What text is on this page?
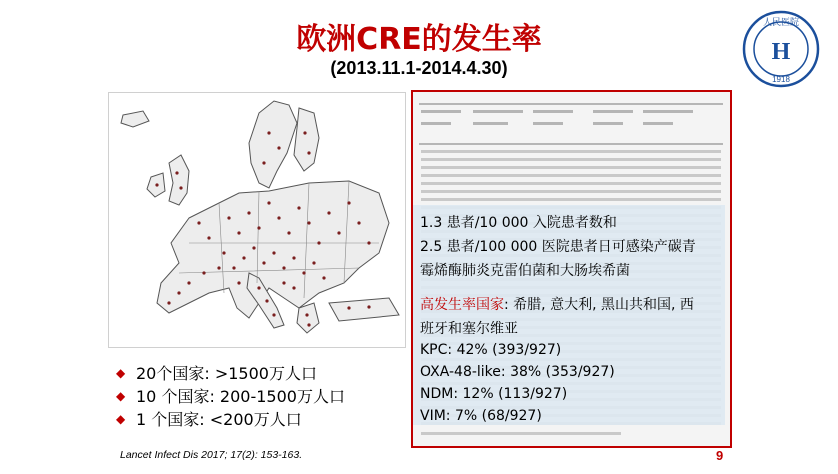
欧洲CRE的发生率
(2013.11.1-2014.4.30)
人民医院
H
1918
1.3 患者/10 000 入院患者数和
2.5 患者/100 000 医院患者日可感染产碳青
霉烯酶肺炎克雷伯菌和大肠埃希菌
高发生率国家: 希腊, 意大利, 黑山共和国, 西
班牙和塞尔维亚
KPC: 42% (393/927)
OXA-48-like: 38% (353/927)
NDM: 12% (113/927)
VIM: 7% (68/927)
◆ 20个国家: >1500万人口
◆ 10 个国家: 200-1500万人口
◆ 1 个国家: <200万人口
Lancet Infect Dis 2017; 17(2): 153-163.	9
